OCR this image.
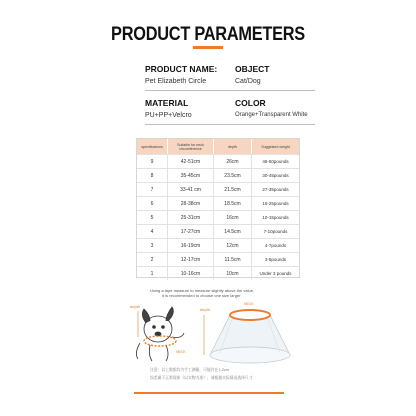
PRODUCT PARAMETERS
PRODUCT NAME: OBJECT
Pet Elizabeth Circle	Cat/Dog
MATERIAL	COLOR
PU+PP+Velcro	Orange+Transparent White
specifications	Suitable for neck circumference	depth	Suggested weight
9	42-51cm	26cm	46-50pounds
8	35-45cm	23.5cm	30-45pounds
7	33-41 cm	21.5cm	27-35pounds
6	28-38cm	18.5cm	15-25pounds
5	25-31cm	16cm	10-15pounds
4	17-27cm	14.5cm	7-10pounds
3	16-19cm	12cm	4-7pounds
2	12-17cm	11.5cm	3-5pounds
1	10-16cm	10cm	Under 3 pounds
Using a tape measure to measure slightly above the value,
it is recommended to choose one size larger
depth
NECK
depth
NECK
注意：以上数据均为手工测量，可能存在1-2cm
误差属于正常现象（以实物为准），请根据实际情况选择尺寸
